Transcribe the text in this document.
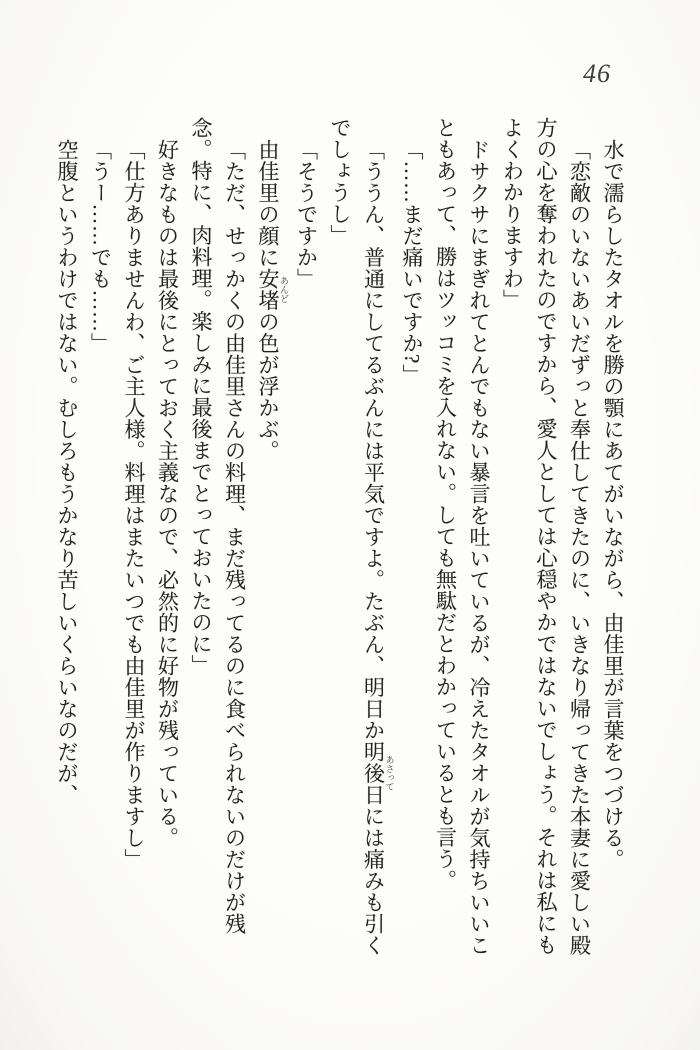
46

水で濡らしたタオルを勝の顎にあてがいながら、由佳里が言葉をつづける。

「恋敵のいないあいだずっと奉仕してきたのに、いきなり帰ってきた本妻に愛しい殿方の心を奪われたのですから、愛人としては心穏やかではないでしょう。それは私にもよくわかりますわ」

ドサクサにまぎれてとんでもない暴言を吐いているが、冷えたタオルが気持ちいいこともあって、勝はツッコミを入れない。しても無駄だとわかっているとも言う。

「……まだ痛いですか?」

「ううん、普通にしてるぶんには平気ですよ。たぶん、明日か明後日 あさってには痛みも引くでしょうし」

「そうですか」

由佳里の顔に安堵 あんどの色が浮かぶ。

「ただ、せっかくの由佳里さんの料理、まだ残ってるのに食べられないのだけが残念。特に、肉料理。楽しみに最後までとっておいたのに」

好きなものは最後にとっておく主義なので、必然的に好物が残っている。

「仕方ありませんわ、ご主人様。料理はまたいつでも由佳里が作りますし」

「うー……でも……」

空腹というわけではない。むしろもうかなり苦しいくらいなのだが、
